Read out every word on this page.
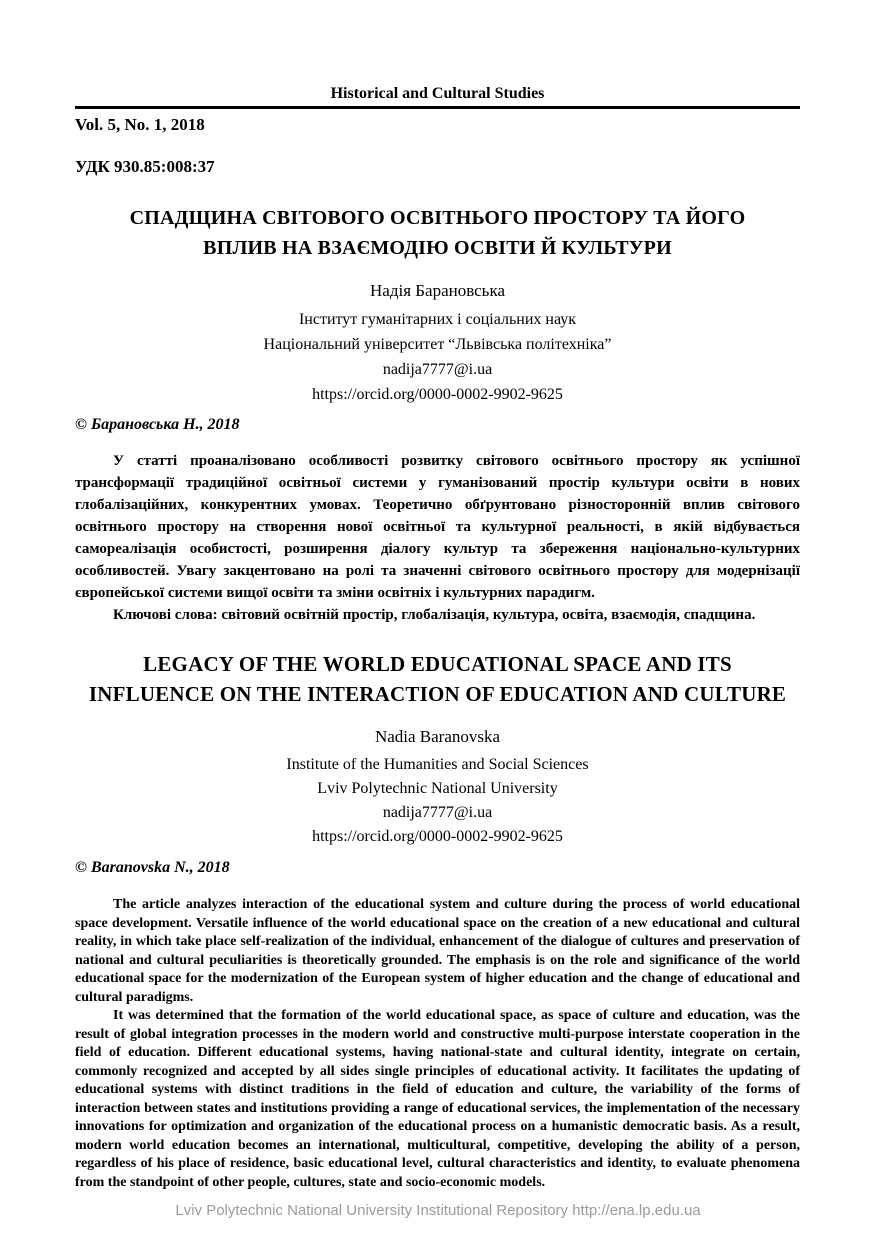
Historical and Cultural Studies
Vol. 5, No. 1, 2018
УДК 930.85:008:37
СПАДЩИНА СВІТОВОГО ОСВІТНЬОГО ПРОСТОРУ ТА ЙОГО ВПЛИВ НА ВЗАЄМОДІЮ ОСВІТИ Й КУЛЬТУРИ
Надія Барановська
Інститут гуманітарних і соціальних наук
Національний університет “Львівська політехніка”
nadija7777@i.ua
https://orcid.org/0000-0002-9902-9625
© Барановська Н., 2018

У статті проаналізовано особливості розвитку світового освітнього простору як успішної трансформації традиційної освітньої системи у гуманізований простір культури освіти в нових глобалізаційних, конкурентних умовах. Теоретично обґрунтовано різносторонній вплив світового освітнього простору на створення нової освітньої та культурної реальності, в якій відбувається самореалізація особистості, розширення діалогу культур та збереження національно-культурних особливостей. Увагу закцентовано на ролі та значенні світового освітнього простору для модернізації європейської системи вищої освіти та зміни освітніх і культурних парадигм.

Ключові слова: світовий освітній простір, глобалізація, культура, освіта, взаємодія, спадщина.

LEGACY OF THE WORLD EDUCATIONAL SPACE AND ITS INFLUENCE ON THE INTERACTION OF EDUCATION AND CULTURE
Nadia Baranovska
Institute of the Humanities and Social Sciences
Lviv Polytechnic National University
nadija7777@i.ua
https://orcid.org/0000-0002-9902-9625
© Baranovska N., 2018

The article analyzes interaction of the educational system and culture during the process of world educational space development. Versatile influence of the world educational space on the creation of a new educational and cultural reality, in which take place self-realization of the individual, enhancement of the dialogue of cultures and preservation of national and cultural peculiarities is theoretically grounded. The emphasis is on the role and significance of the world educational space for the modernization of the European system of higher education and the change of educational and cultural paradigms.

It was determined that the formation of the world educational space, as space of culture and education, was the result of global integration processes in the modern world and constructive multi-purpose interstate cooperation in the field of education. Different educational systems, having national-state and cultural identity, integrate on certain, commonly recognized and accepted by all sides single principles of educational activity. It facilitates the updating of educational systems with distinct traditions in the field of education and culture, the variability of the forms of interaction between states and institutions providing a range of educational services, the implementation of the necessary innovations for optimization and organization of the educational process on a humanistic democratic basis. As a result, modern world education becomes an international, multicultural, competitive, developing the ability of a person, regardless of his place of residence, basic educational level, cultural characteristics and identity, to evaluate phenomena from the standpoint of other people, cultures, state and socio-economic models.

Lviv Polytechnic National University Institutional Repository http://ena.lp.edu.ua
